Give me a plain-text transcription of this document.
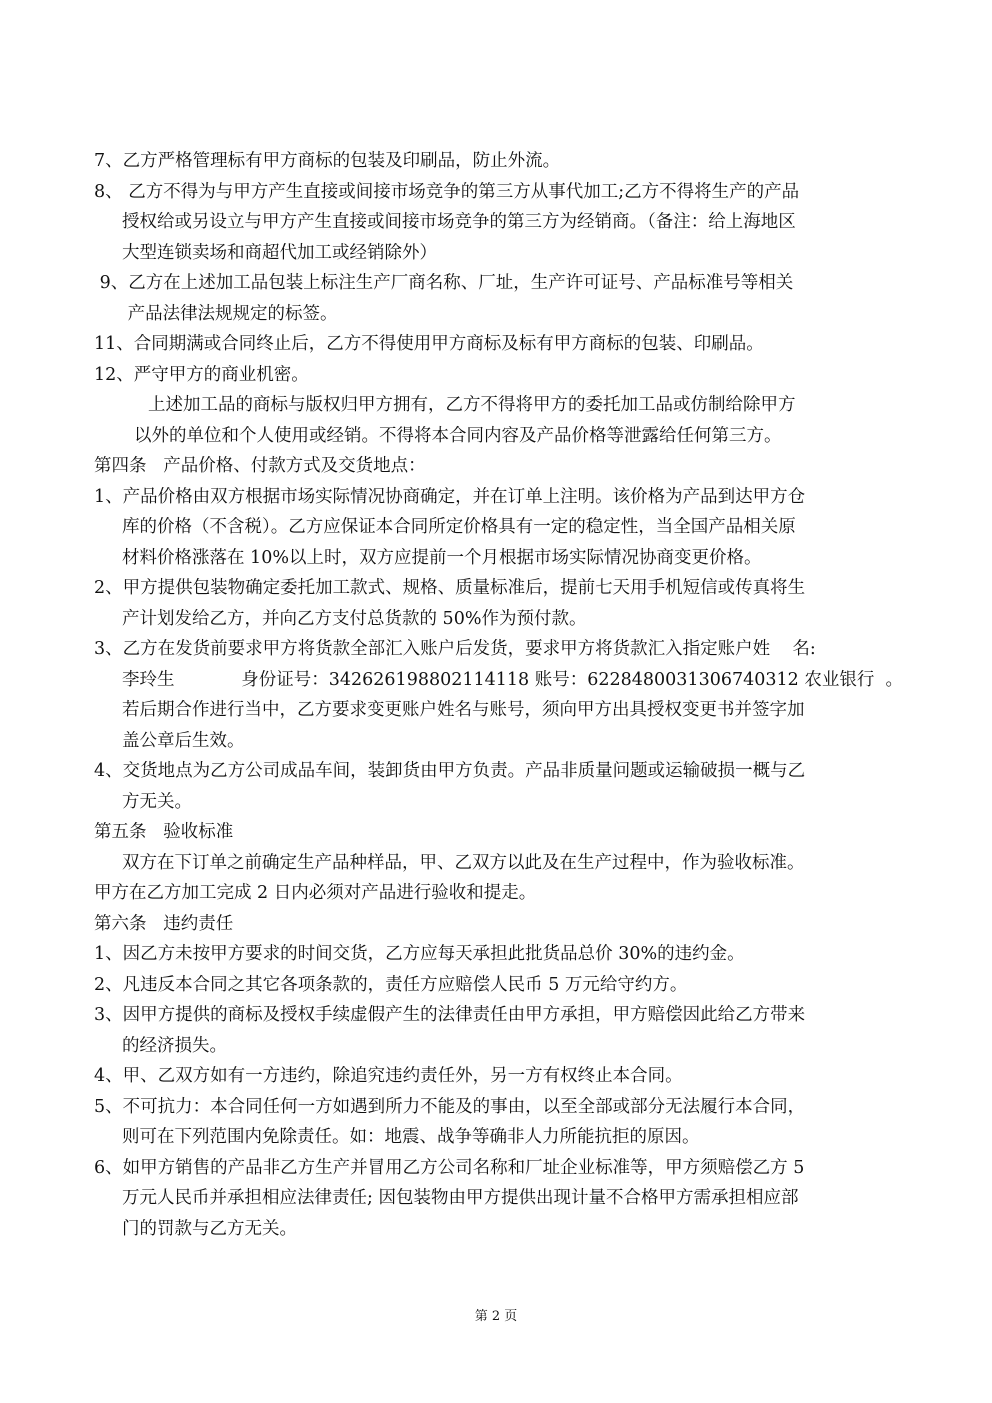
7、乙方严格管理标有甲方商标的包装及印刷品，防止外流。

8、 乙方不得为与甲方产生直接或间接市场竞争的第三方从事代加工;乙方不得将生产的产品

授权给或另设立与甲方产生直接或间接市场竞争的第三方为经销商。（备注：给上海地区

大型连锁卖场和商超代加工或经销除外）

9、乙方在上述加工品包装上标注生产厂商名称、厂址，生产许可证号、产品标准号等相关

产品法律法规规定的标签。

11、合同期满或合同终止后，乙方不得使用甲方商标及标有甲方商标的包装、印刷品。

12、严守甲方的商业机密。

上述加工品的商标与版权归甲方拥有，乙方不得将甲方的委托加工品或仿制给除甲方

以外的单位和个人使用或经销。不得将本合同内容及产品价格等泄露给任何第三方。

第四条   产品价格、付款方式及交货地点：

1、产品价格由双方根据市场实际情况协商确定，并在订单上注明。该价格为产品到达甲方仓

库的价格（不含税）。乙方应保证本合同所定价格具有一定的稳定性，当全国产品相关原

材料价格涨落在 10%以上时，双方应提前一个月根据市场实际情况协商变更价格。

2、甲方提供包装物确定委托加工款式、规格、质量标准后，提前七天用手机短信或传真将生

产计划发给乙方，并向乙方支付总货款的 50%作为预付款。

3、乙方在发货前要求甲方将货款全部汇入账户后发货，要求甲方将货款汇入指定账户姓    名:

李玲生            身份证号：342626198802114118 账号：6228480031306740312 农业银行  。

若后期合作进行当中，乙方要求变更账户姓名与账号，须向甲方出具授权变更书并签字加

盖公章后生效。

4、交货地点为乙方公司成品车间，装卸货由甲方负责。产品非质量问题或运输破损一概与乙

方无关。

第五条   验收标准

双方在下订单之前确定生产品种样品，甲、乙双方以此及在生产过程中，作为验收标准。

甲方在乙方加工完成 2 日内必须对产品进行验收和提走。

第六条   违约责任

1、因乙方未按甲方要求的时间交货，乙方应每天承担此批货品总价 30%的违约金。

2、凡违反本合同之其它各项条款的，责任方应赔偿人民币 5 万元给守约方。

3、因甲方提供的商标及授权手续虚假产生的法律责任由甲方承担，甲方赔偿因此给乙方带来

的经济损失。

4、甲、乙双方如有一方违约，除追究违约责任外，另一方有权终止本合同。

5、不可抗力：本合同任何一方如遇到所力不能及的事由，以至全部或部分无法履行本合同，

则可在下列范围内免除责任。如：地震、战争等确非人力所能抗拒的原因。

6、如甲方销售的产品非乙方生产并冒用乙方公司名称和厂址企业标准等，甲方须赔偿乙方 5

万元人民币并承担相应法律责任; 因包装物由甲方提供出现计量不合格甲方需承担相应部

门的罚款与乙方无关。

第 2 页
